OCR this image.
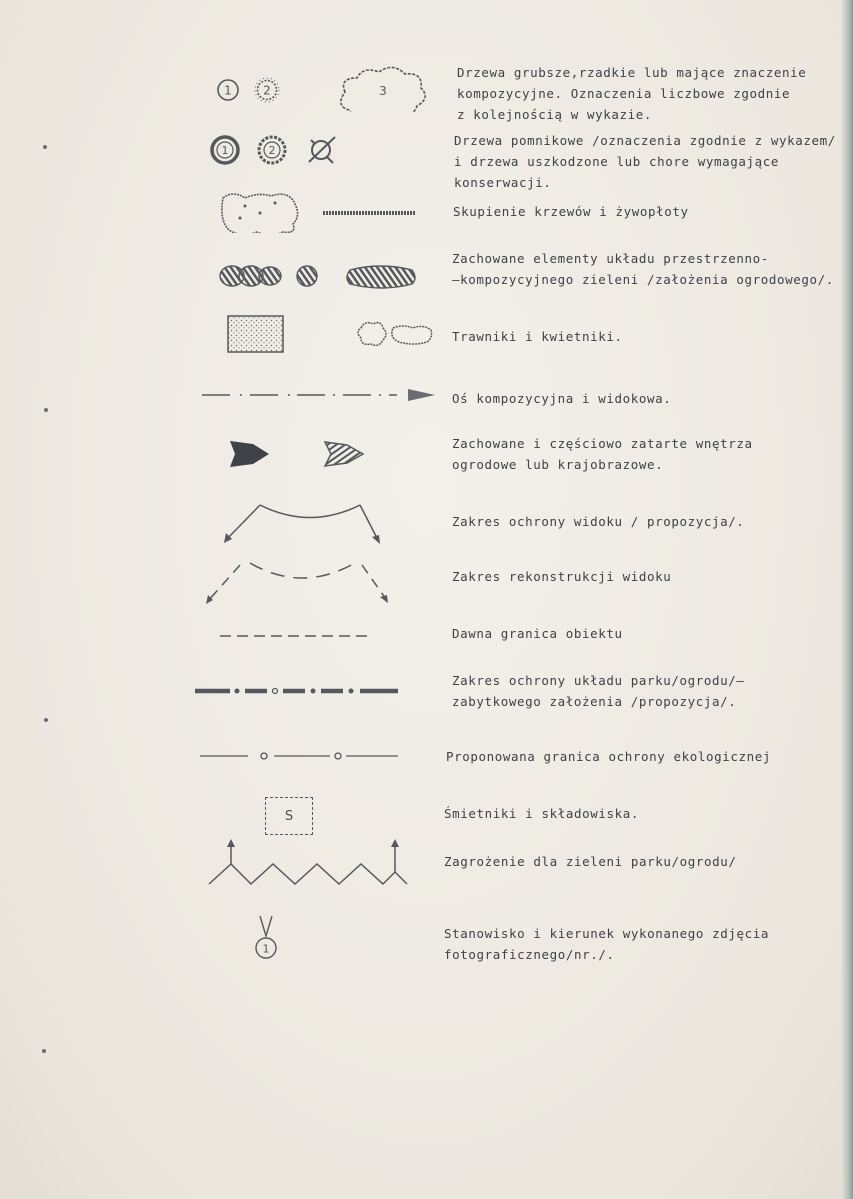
1	2	3
Drzewa grubsze,rzadkie lub mające znaczenie
kompozycyjne. Oznaczenia liczbowe zgodnie
z kolejnością w wykazie.
1	2
Drzewa pomnikowe /oznaczenia zgodnie z wykazem/
i drzewa uszkodzone lub chore wymagające
konserwacji.
Skupienie krzewów i żywopłoty
Zachowane elementy układu przestrzenno-
—kompozycyjnego zieleni /założenia ogrodowego/.
Trawniki i kwietniki.
Oś kompozycyjna i widokowa.
Zachowane i częściowo zatarte wnętrza
ogrodowe lub krajobrazowe.
Zakres ochrony widoku / propozycja/.
Zakres rekonstrukcji widoku
Dawna granica obiektu
Zakres ochrony układu parku/ogrodu/—
zabytkowego założenia /propozycja/.
Proponowana granica ochrony ekologicznej
S	Śmietniki i składowiska.
Zagrożenie dla zieleni parku/ogrodu/
1
Stanowisko i kierunek wykonanego zdjęcia
fotograficznego/nr./.
